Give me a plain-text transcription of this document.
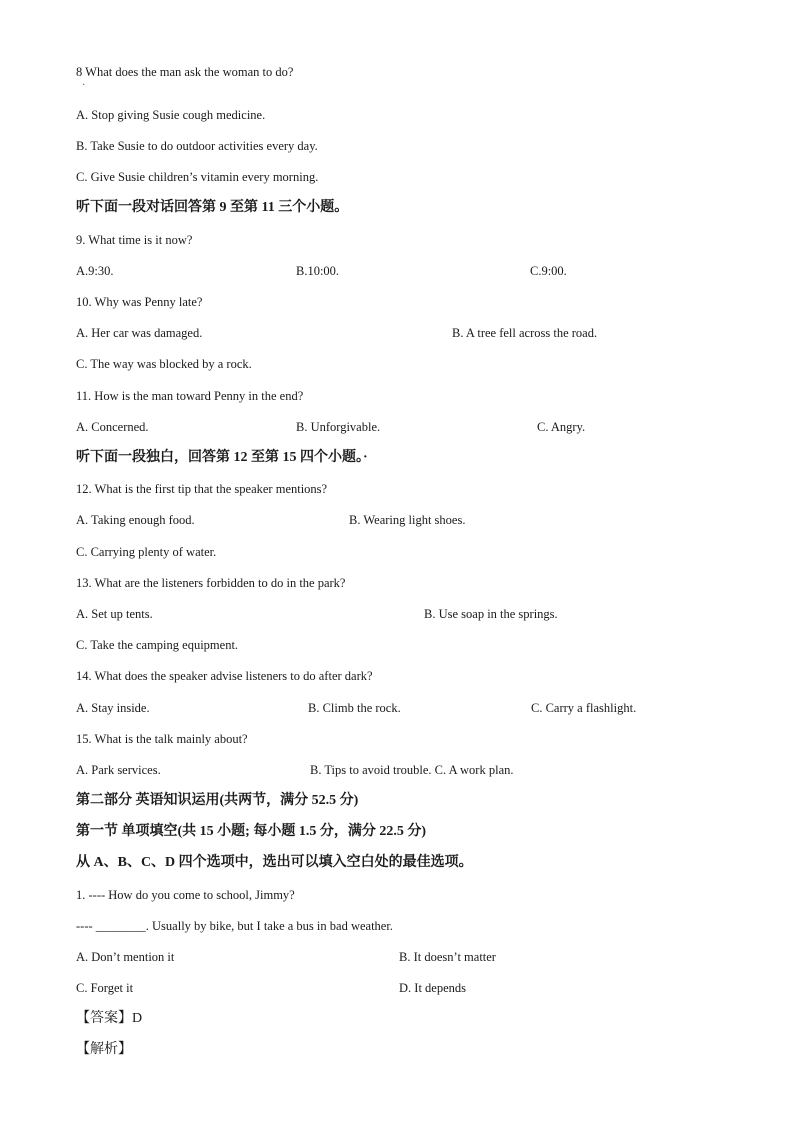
8 What does the man ask the woman to do?
·
A. Stop giving Susie cough medicine.
B. Take Susie to do outdoor activities every day.
C. Give Susie children’s vitamin every morning.
听下面一段对话回答第 9 至第 11 三个小题。
9. What time is it now?
A.9:30.	B.10:00.	C.9:00.
10. Why was Penny late?
A. Her car was damaged.	B. A tree fell across the road.
C. The way was blocked by a rock.
11. How is the man toward Penny in the end?
A. Concerned.	B. Unforgivable.	C. Angry.
听下面一段独白，回答第 12 至第 15 四个小题。·
12. What is the first tip that the speaker mentions?
A. Taking enough food.	B. Wearing light shoes.
C. Carrying plenty of water.
13. What are the listeners forbidden to do in the park?
A. Set up tents.	B. Use soap in the springs.
C. Take the camping equipment.
14. What does the speaker advise listeners to do after dark?
A. Stay inside.	B. Climb the rock.	C. Carry a flashlight.
15. What is the talk mainly about?
A. Park services.	B. Tips to avoid trouble. C. A work plan.
第二部分 英语知识运用(共两节，满分 52.5 分)
第一节 单项填空(共 15 小题; 每小题 1.5 分，满分 22.5 分)
从 A、B、C、D 四个选项中，选出可以填入空白处的最佳选项。
1. ---- How do you come to school, Jimmy?
---- ________. Usually by bike, but I take a bus in bad weather.
A. Don’t mention it	B. It doesn’t matter
C. Forget it	D. It depends
【答案】D
【解析】
